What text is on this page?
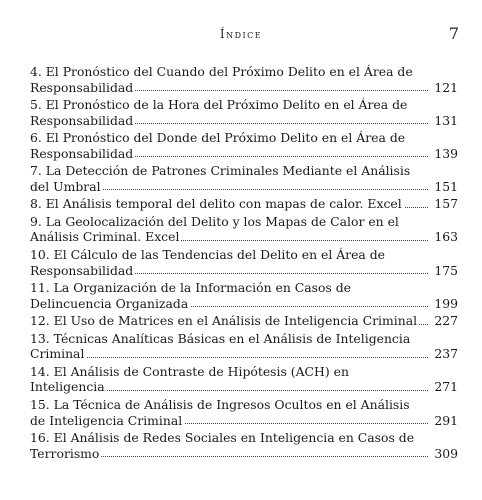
Índice	7
4. El Pronóstico del Cuando del Próximo Delito en el Área de
Responsabilidad	121
5. El Pronóstico de la Hora del Próximo Delito en el Área de
Responsabilidad	131
6. El Pronóstico del Donde del Próximo Delito en el Área de
Responsabilidad	139
7. La Detección de Patrones Criminales Mediante el Análisis
del Umbral	151
8. El Análisis temporal del delito con mapas de calor. Excel	157
9. La Geolocalización del Delito y los Mapas de Calor en el
Análisis Criminal. Excel	163
10. El Cálculo de las Tendencias del Delito en el Área de
Responsabilidad	175
11. La Organización de la Información en Casos de
Delincuencia Organizada	199
12. El Uso de Matrices en el Análisis de Inteligencia Criminal 227
13. Técnicas Analíticas Básicas en el Análisis de Inteligencia
Criminal	237
14. El Análisis de Contraste de Hipótesis (ACH) en
Inteligencia	271
15. La Técnica de Análisis de Ingresos Ocultos en el Análisis
de Inteligencia Criminal	291
16. El Análisis de Redes Sociales en Inteligencia en Casos de
Terrorismo	309
